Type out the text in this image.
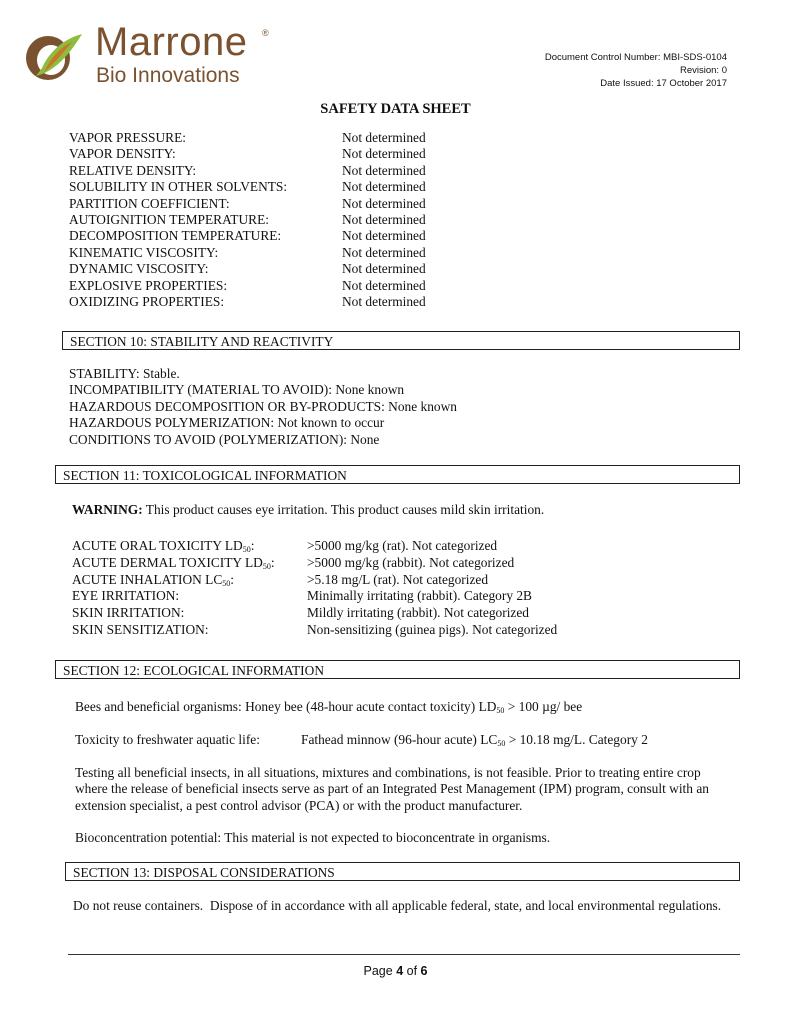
Marrone ®
Bio Innovations
Document Control Number: MBI-SDS-0104
Revision: 0
Date Issued: 17 October 2017
SAFETY DATA SHEET
VAPOR PRESSURE:	Not determined
VAPOR DENSITY:	Not determined
RELATIVE DENSITY:	Not determined
SOLUBILITY IN OTHER SOLVENTS:	Not determined
PARTITION COEFFICIENT:	Not determined
AUTOIGNITION TEMPERATURE:	Not determined
DECOMPOSITION TEMPERATURE:	Not determined
KINEMATIC VISCOSITY:	Not determined
DYNAMIC VISCOSITY:	Not determined
EXPLOSIVE PROPERTIES:	Not determined
OXIDIZING PROPERTIES:	Not determined
SECTION 10: STABILITY AND REACTIVITY
STABILITY: Stable.
INCOMPATIBILITY (MATERIAL TO AVOID): None known
HAZARDOUS DECOMPOSITION OR BY-PRODUCTS: None known
HAZARDOUS POLYMERIZATION: Not known to occur
CONDITIONS TO AVOID (POLYMERIZATION): None
SECTION 11: TOXICOLOGICAL INFORMATION
WARNING: This product causes eye irritation. This product causes mild skin irritation.
ACUTE ORAL TOXICITY $LD_{50}$:	>5000 mg/kg (rat). Not categorized
ACUTE DERMAL TOXICITY $LD_{50}$: >5000 mg/kg (rabbit). Not categorized
ACUTE INHALATION $LC_{50}$:	>5.18 mg/L (rat). Not categorized
EYE IRRITATION:	Minimally irritating (rabbit). Category 2B
SKIN IRRITATION:	Mildly irritating (rabbit). Not categorized
SKIN SENSITIZATION:	Non-sensitizing (guinea pigs). Not categorized
SECTION 12: ECOLOGICAL INFORMATION
Bees and beneficial organisms: Honey bee (48-hour acute contact toxicity) $LD_{50} > 100$ µg/ bee
Toxicity to freshwater aquatic life:	Fathead minnow (96-hour acute) $LC_{50} > 10.18$ mg/L. Category 2
Testing all beneficial insects, in all situations, mixtures and combinations, is not feasible. Prior to treating entire crop where the release of beneficial insects serve as part of an Integrated Pest Management (IPM) program, consult with an extension specialist, a pest control advisor (PCA) or with the product manufacturer.
Bioconcentration potential: This material is not expected to bioconcentrate in organisms.
SECTION 13: DISPOSAL CONSIDERATIONS
Do not reuse containers.  Dispose of in accordance with all applicable federal, state, and local environmental regulations.
Page 4 of 6
